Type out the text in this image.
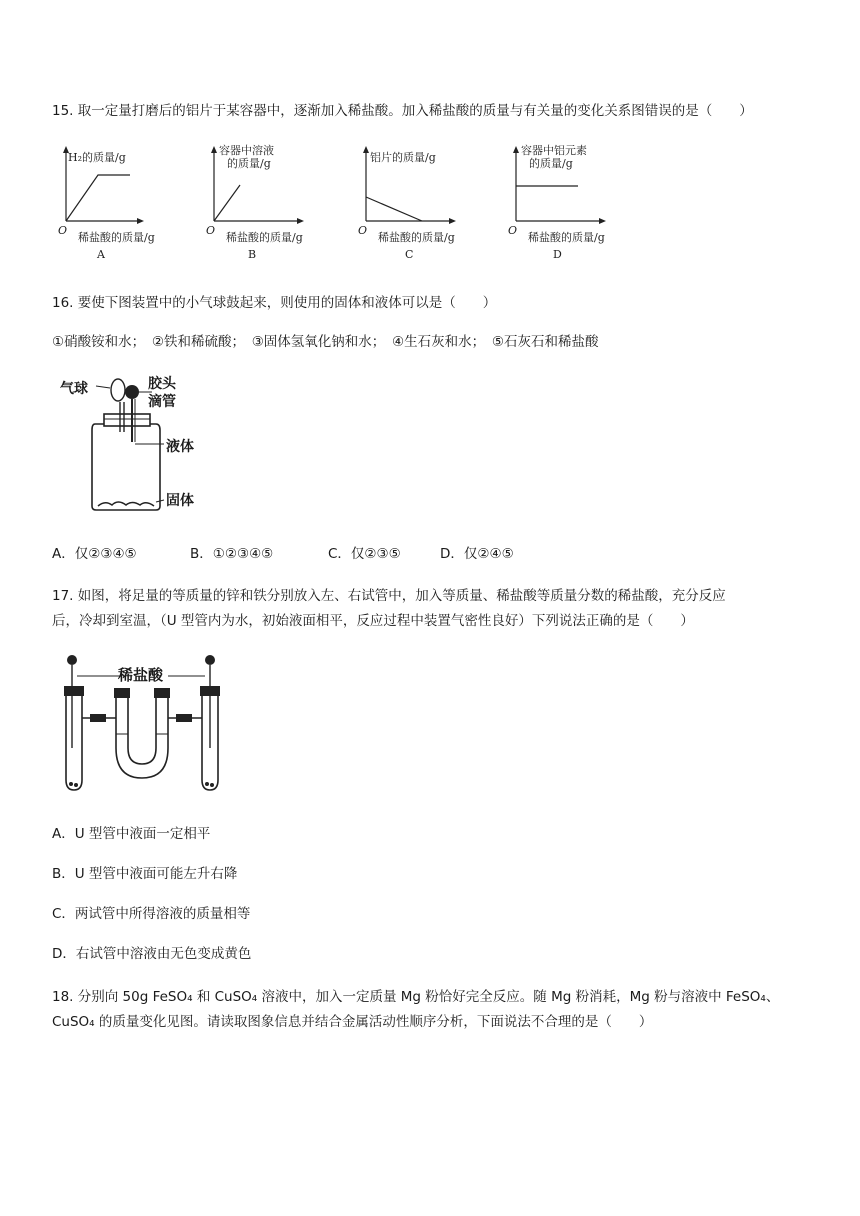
15. 取一定量打磨后的铝片于某容器中，逐渐加入稀盐酸。加入稀盐酸的质量与有关量的变化关系图错误的是（　　）
H₂的质量/g
O
稀盐酸的质量/g
A
容器中溶液
的质量/g
O
稀盐酸的质量/g
B
铝片的质量/g
O
稀盐酸的质量/g
C
容器中铝元素
的质量/g
O
稀盐酸的质量/g
D
16. 要使下图装置中的小气球鼓起来，则使用的固体和液体可以是（　　）
①硝酸铵和水；　②铁和稀硫酸；　③固体氢氧化钠和水；　④生石灰和水；　⑤石灰石和稀盐酸
气球	胶头
滴管
液体
固体
A．仅②③④⑤	B．①②③④⑤	C．仅②③⑤	D．仅②④⑤
17. 如图，将足量的等质量的锌和铁分别放入左、右试管中，加入等质量、稀盐酸等质量分数的稀盐酸，充分反应
后，冷却到室温，（U 型管内为水，初始液面相平，反应过程中装置气密性良好）下列说法正确的是（　　）
稀盐酸
A．U 型管中液面一定相平
B．U 型管中液面可能左升右降
C．两试管中所得溶液的质量相等
D．右试管中溶液由无色变成黄色
18. 分别向 50g FeSO₄ 和 CuSO₄ 溶液中，加入一定质量 Mg 粉恰好完全反应。随 Mg 粉消耗，Mg 粉与溶液中 FeSO₄、
CuSO₄ 的质量变化见图。请读取图象信息并结合金属活动性顺序分析，下面说法不合理的是（　　）
